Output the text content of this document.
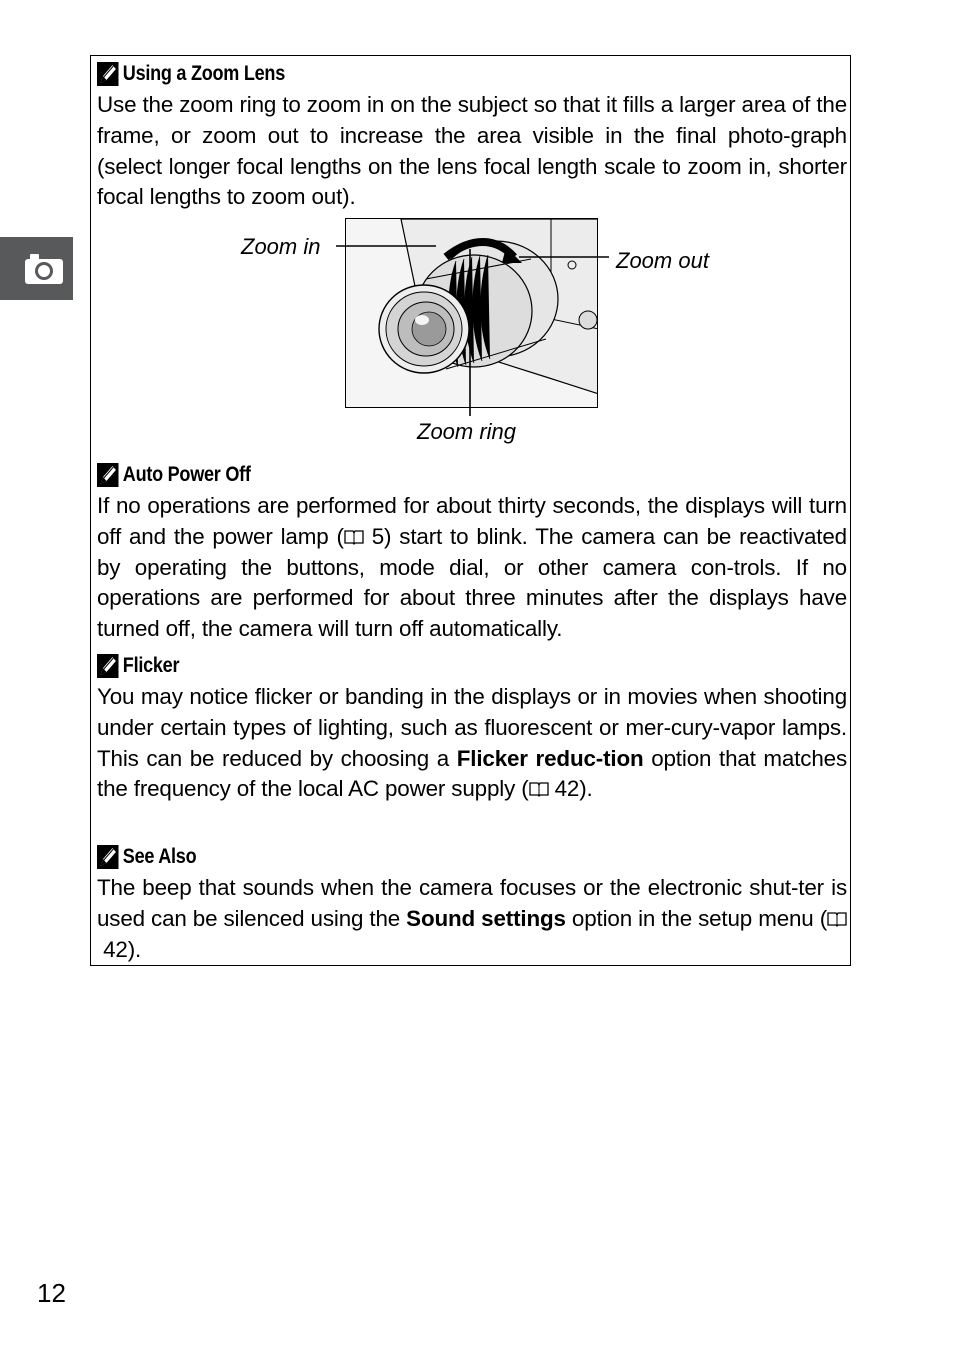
Using a Zoom Lens

Use the zoom ring to zoom in on the subject so that it fills a larger area of the frame, or zoom out to increase the area visible in the final photo-graph (select longer focal lengths on the lens focal length scale to zoom in, shorter focal lengths to zoom out).

Zoom in
Zoom out
Zoom ring
Auto Power Off

If no operations are performed for about thirty seconds, the displays will turn off and the power lamp ( 5) start to blink. The camera can be reactivated by operating the buttons, mode dial, or other camera con-trols. If no operations are performed for about three minutes after the displays have turned off, the camera will turn off automatically.

Flicker

You may notice flicker or banding in the displays or in movies when shooting under certain types of lighting, such as fluorescent or mer-cury-vapor lamps. This can be reduced by choosing a Flicker reduc-tion option that matches the frequency of the local AC power supply ( 42).

See Also

The beep that sounds when the camera focuses or the electronic shut-ter is used can be silenced using the Sound settings option in the setup menu ( 42).

12
